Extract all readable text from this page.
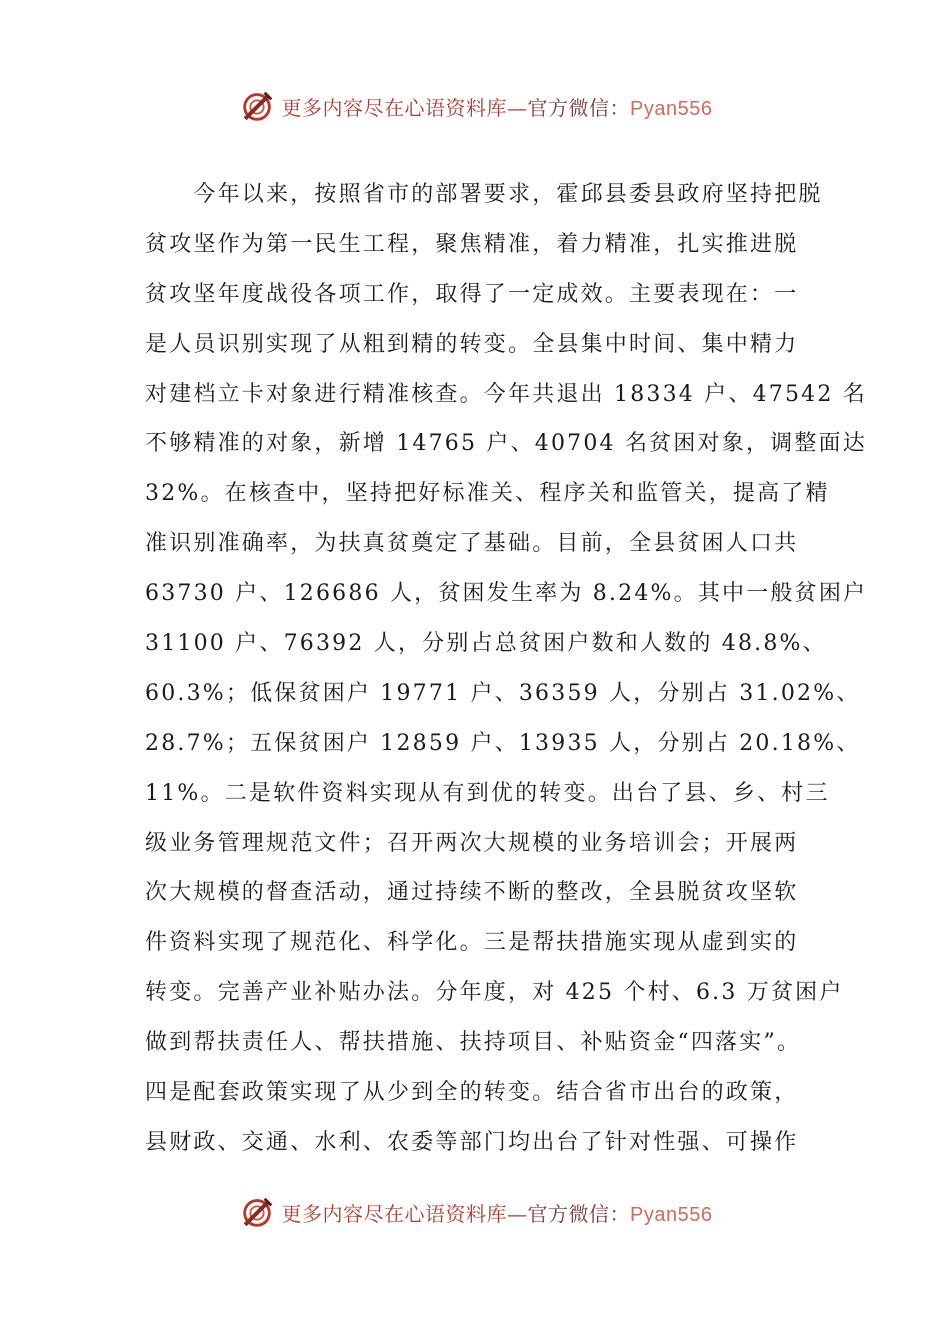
更多内容尽在心语资料库—官方微信：Pyan556
　　今年以来，按照省市的部署要求，霍邱县委县政府坚持把脱
贫攻坚作为第一民生工程，聚焦精准，着力精准，扎实推进脱
贫攻坚年度战役各项工作，取得了一定成效。主要表现在：一
是人员识别实现了从粗到精的转变。全县集中时间、集中精力
对建档立卡对象进行精准核查。今年共退出 18334 户、47542 名
不够精准的对象，新增 14765 户、40704 名贫困对象，调整面达
32%。在核查中，坚持把好标准关、程序关和监管关，提高了精
准识别准确率，为扶真贫奠定了基础。目前，全县贫困人口共
63730 户、126686 人，贫困发生率为 8.24%。其中一般贫困户
31100 户、76392 人，分别占总贫困户数和人数的 48.8%、
60.3%；低保贫困户 19771 户、36359 人，分别占 31.02%、
28.7%；五保贫困户 12859 户、13935 人，分别占 20.18%、
11%。二是软件资料实现从有到优的转变。出台了县、乡、村三
级业务管理规范文件；召开两次大规模的业务培训会；开展两
次大规模的督查活动，通过持续不断的整改，全县脱贫攻坚软
件资料实现了规范化、科学化。三是帮扶措施实现从虚到实的
转变。完善产业补贴办法。分年度，对 425 个村、6.3 万贫困户
做到帮扶责任人、帮扶措施、扶持项目、补贴资金“四落实”。
四是配套政策实现了从少到全的转变。结合省市出台的政策，
县财政、交通、水利、农委等部门均出台了针对性强、可操作
更多内容尽在心语资料库—官方微信：Pyan556
